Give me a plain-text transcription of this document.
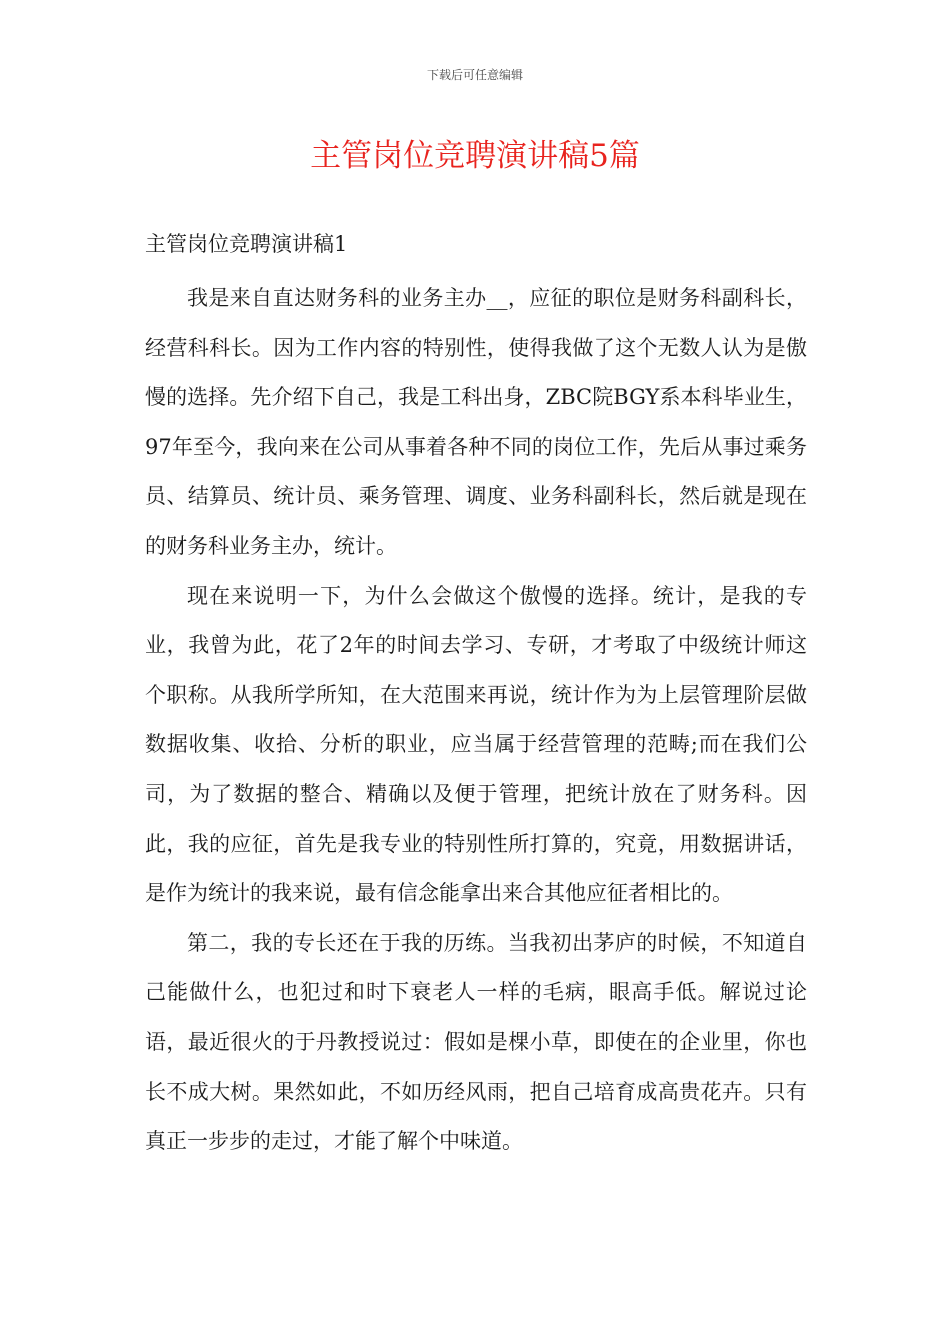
下载后可任意编辑
主管岗位竞聘演讲稿5篇
主管岗位竞聘演讲稿1

我是来自直达财务科的业务主办__，应征的职位是财务科副科长，经营科科长。因为工作内容的特别性，使得我做了这个无数人认为是傲慢的选择。先介绍下自己，我是工科出身，ZBC院BGY系本科毕业生，97年至今，我向来在公司从事着各种不同的岗位工作，先后从事过乘务员、结算员、统计员、乘务管理、调度、业务科副科长，然后就是现在的财务科业务主办，统计。

现在来说明一下，为什么会做这个傲慢的选择。统计，是我的专业，我曾为此，花了2年的时间去学习、专研，才考取了中级统计师这个职称。从我所学所知，在大范围来再说，统计作为为上层管理阶层做数据收集、收拾、分析的职业，应当属于经营管理的范畴;而在我们公司，为了数据的整合、精确以及便于管理，把统计放在了财务科。因此，我的应征，首先是我专业的特别性所打算的，究竟，用数据讲话，是作为统计的我来说，最有信念能拿出来合其他应征者相比的。

第二，我的专长还在于我的历练。当我初出茅庐的时候，不知道自己能做什么，也犯过和时下衰老人一样的毛病，眼高手低。解说过论语，最近很火的于丹教授说过：假如是棵小草，即使在的企业里，你也长不成大树。果然如此，不如历经风雨，把自己培育成高贵花卉。只有真正一步步的走过，才能了解个中味道。
